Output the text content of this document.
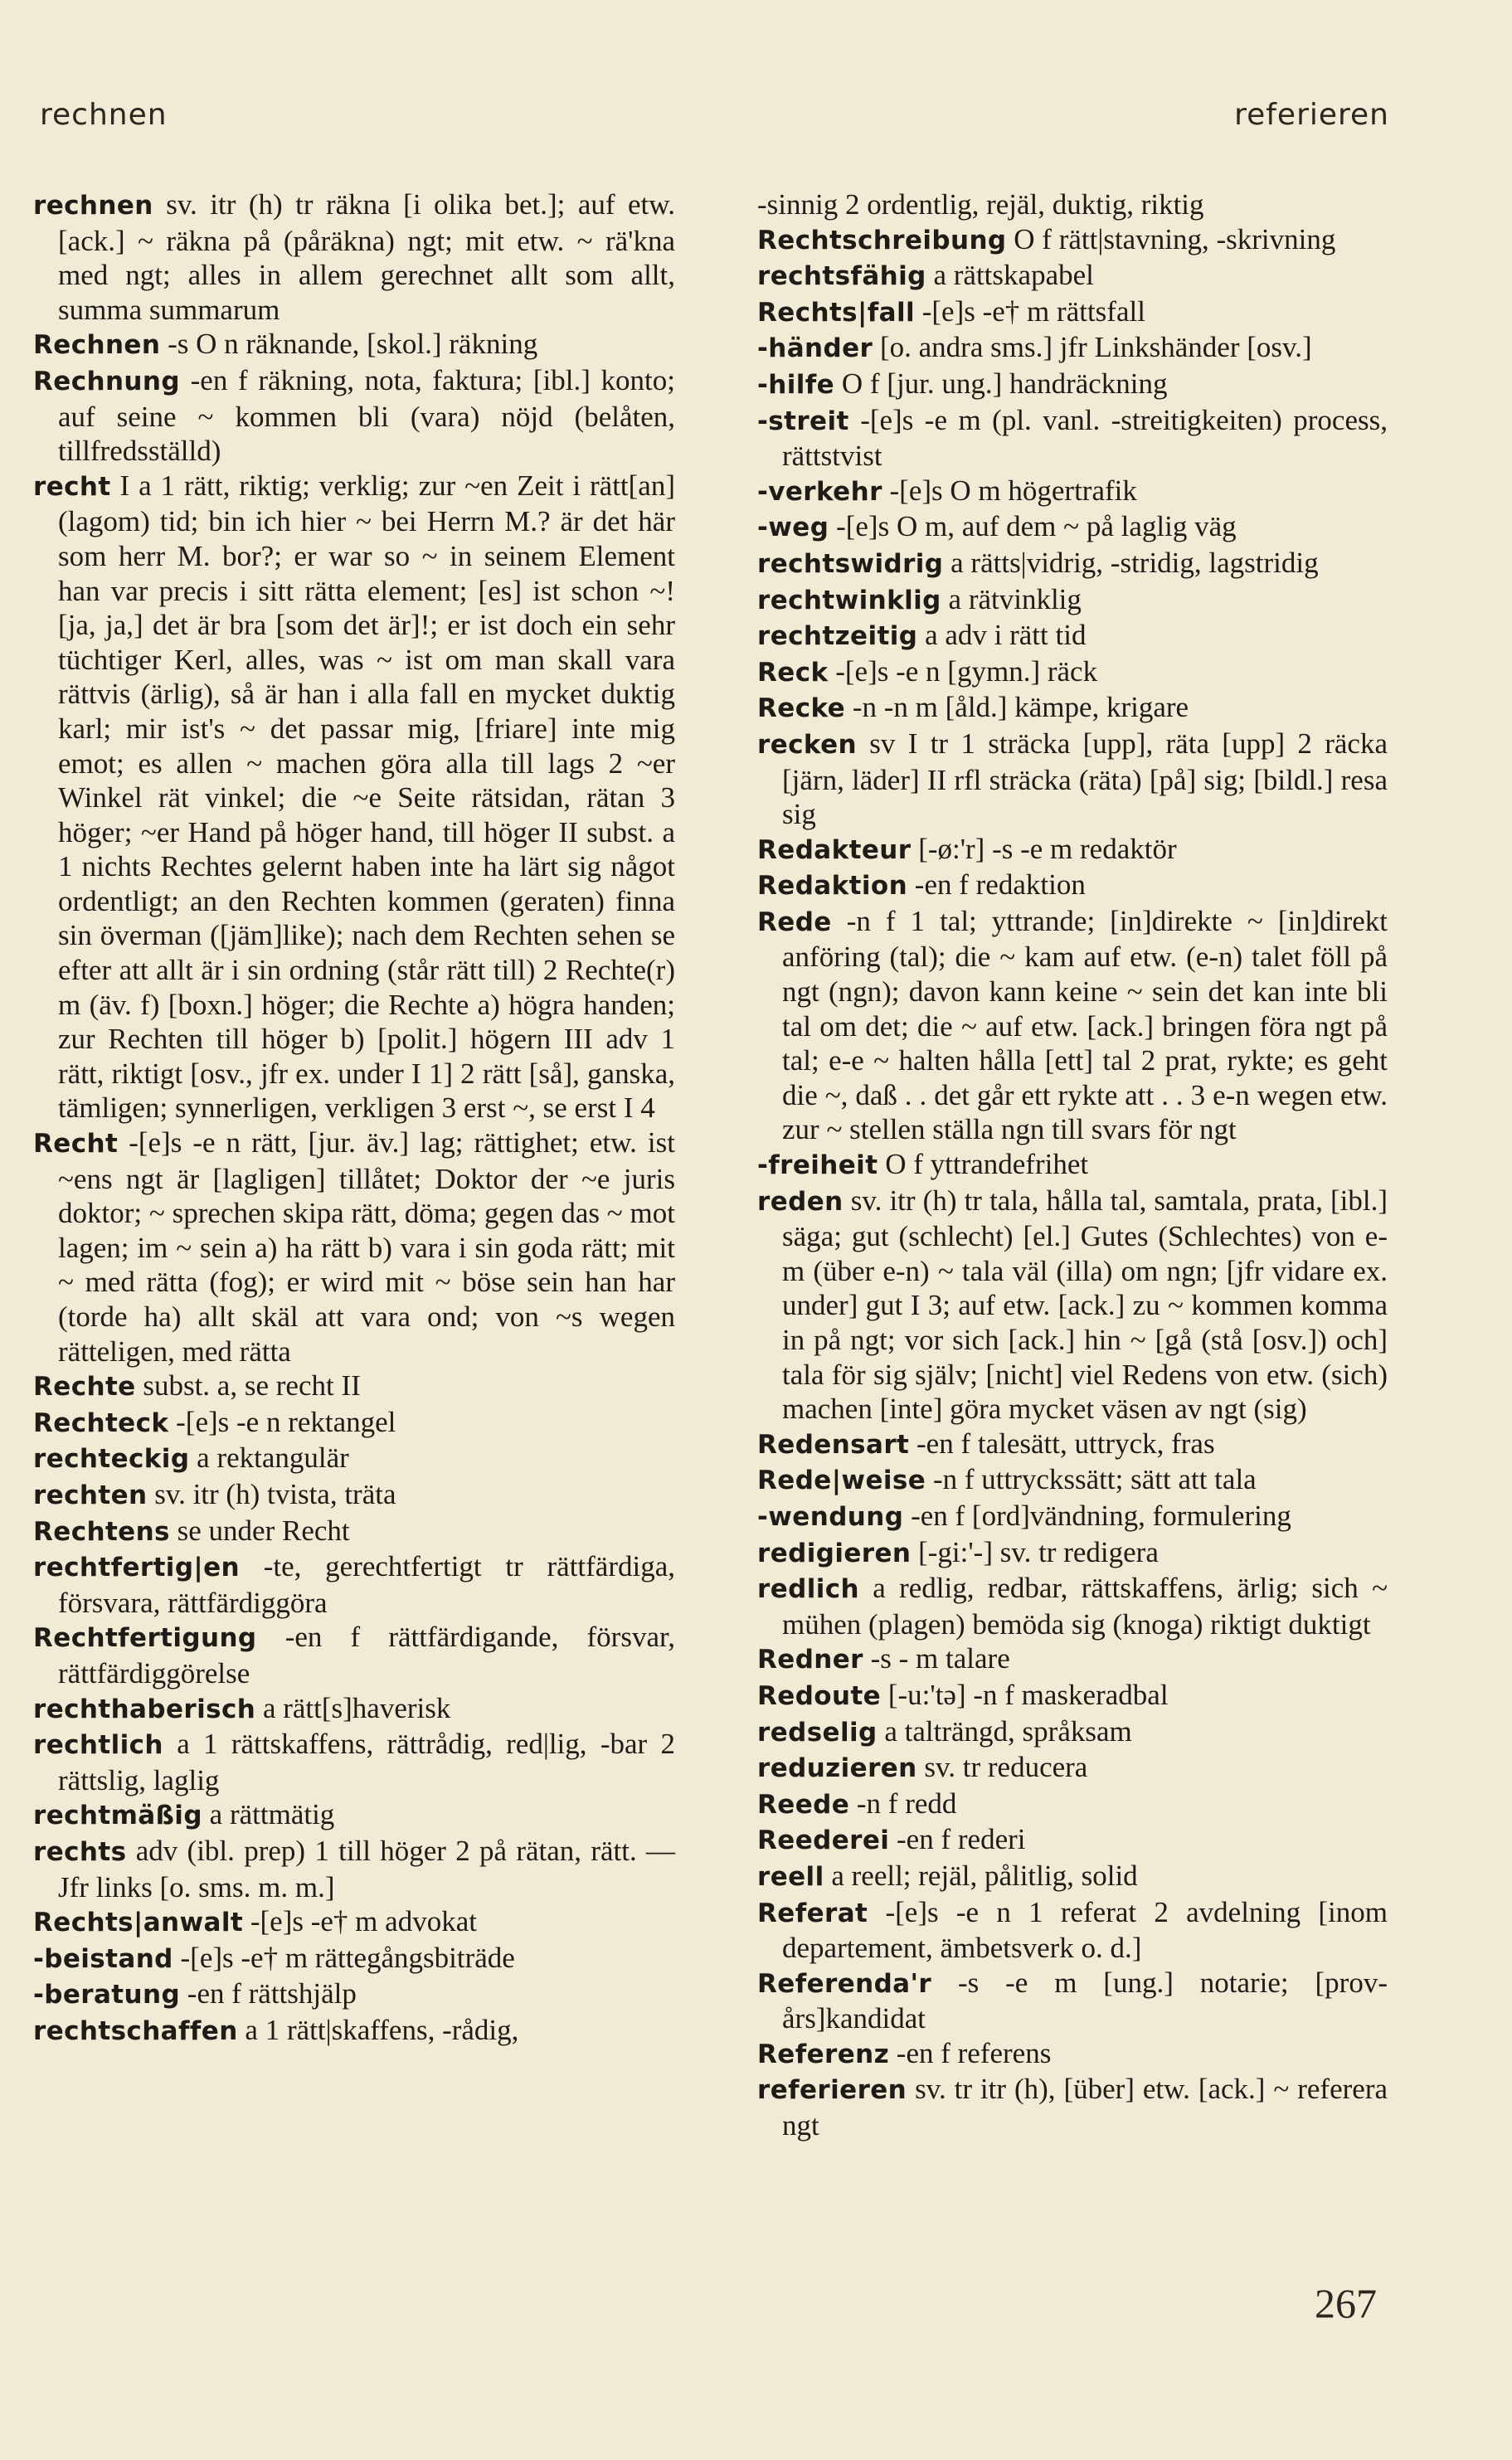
rechnen	referieren

rechnen sv. itr (h) tr räkna [i olika bet.]; auf etw. [ack.] ~ räkna på (påräkna) ngt; mit etw. ~ rä'kna med ngt; alles in allem gerechnet allt som allt, summa summarum

Rechnen -s O n räknande, [skol.] räkning

Rechnung -en f räkning, nota, faktura; [ibl.] konto; auf seine ~ kommen bli (vara) nöjd (belåten, tillfredsställd)

recht I a 1 rätt, riktig; verklig; zur ~en Zeit i rätt[an] (lagom) tid; bin ich hier ~ bei Herrn M.? är det här som herr M. bor?; er war so ~ in seinem Element han var precis i sitt rätta element; [es] ist schon ~! [ja, ja,] det är bra [som det är]!; er ist doch ein sehr tüchtiger Kerl, alles, was ~ ist om man skall vara rättvis (ärlig), så är han i alla fall en mycket duktig karl; mir ist's ~ det passar mig, [friare] inte mig emot; es allen ~ machen göra alla till lags 2 ~er Winkel rät vinkel; die ~e Seite rätsidan, rätan 3 höger; ~er Hand på höger hand, till höger II subst. a 1 nichts Rechtes gelernt haben inte ha lärt sig något ordentligt; an den Rechten kommen (geraten) finna sin överman ([jäm]like); nach dem Rechten sehen se efter att allt är i sin ordning (står rätt till) 2 Rechte(r) m (äv. f) [boxn.] höger; die Rechte a) högra handen; zur Rechten till höger b) [polit.] högern III adv 1 rätt, riktigt [osv., jfr ex. under I 1] 2 rätt [så], ganska, tämligen; synnerligen, verkligen 3 erst ~, se erst I 4

Recht -[e]s -e n rätt, [jur. äv.] lag; rättighet; etw. ist ~ens ngt är [lagligen] tillåtet; Doktor der ~e juris doktor; ~ sprechen skipa rätt, döma; gegen das ~ mot lagen; im ~ sein a) ha rätt b) vara i sin goda rätt; mit ~ med rätta (fog); er wird mit ~ böse sein han har (torde ha) allt skäl att vara ond; von ~s wegen rätteligen, med rätta

Rechte subst. a, se recht II

Rechteck -[e]s -e n rektangel

rechteckig a rektangulär

rechten sv. itr (h) tvista, träta

Rechtens se under Recht

rechtfertig|en -te, gerechtfertigt tr rättfärdiga, försvara, rättfärdiggöra

Rechtfertigung -en f rättfärdigande, försvar, rättfärdiggörelse

rechthaberisch a rätt[s]haverisk

rechtlich a 1 rättskaffens, rättrådig, red|lig, -bar 2 rättslig, laglig

rechtmäßig a rättmätig

rechts adv (ibl. prep) 1 till höger 2 på rätan, rätt. — Jfr links [o. sms. m. m.]

Rechts|anwalt -[e]s -e† m advokat

-beistand -[e]s -e† m rättegångsbiträde

-beratung -en f rättshjälp

rechtschaffen a 1 rätt|skaffens, -rådig,

-sinnig 2 ordentlig, rejäl, duktig, riktig

Rechtschreibung O f rätt|stavning, -skrivning

rechtsfähig a rättskapabel

Rechts|fall -[e]s -e† m rättsfall

-händer [o. andra sms.] jfr Linkshänder [osv.]

-hilfe O f [jur. ung.] handräckning

-streit -[e]s -e m (pl. vanl. -streitigkeiten) process, rättstvist

-verkehr -[e]s O m högertrafik

-weg -[e]s O m, auf dem ~ på laglig väg

rechtswidrig a rätts|vidrig, -stridig, lagstridig

rechtwinklig a rätvinklig

rechtzeitig a adv i rätt tid

Reck -[e]s -e n [gymn.] räck

Recke -n -n m [åld.] kämpe, krigare

recken sv I tr 1 sträcka [upp], räta [upp] 2 räcka [järn, läder] II rfl sträcka (räta) [på] sig; [bildl.] resa sig

Redakteur [-ø:'r] -s -e m redaktör

Redaktion -en f redaktion

Rede -n f 1 tal; yttrande; [in]direkte ~ [in]direkt anföring (tal); die ~ kam auf etw. (e-n) talet föll på ngt (ngn); davon kann keine ~ sein det kan inte bli tal om det; die ~ auf etw. [ack.] bringen föra ngt på tal; e-e ~ halten hålla [ett] tal 2 prat, rykte; es geht die ~, daß . . det går ett rykte att . . 3 e-n wegen etw. zur ~ stellen ställa ngn till svars för ngt

-freiheit O f yttrandefrihet

reden sv. itr (h) tr tala, hålla tal, samtala, prata, [ibl.] säga; gut (schlecht) [el.] Gutes (Schlechtes) von e-m (über e-n) ~ tala väl (illa) om ngn; [jfr vidare ex. under] gut I 3; auf etw. [ack.] zu ~ kommen komma in på ngt; vor sich [ack.] hin ~ [gå (stå [osv.]) och] tala för sig själv; [nicht] viel Redens von etw. (sich) machen [inte] göra mycket väsen av ngt (sig)

Redensart -en f talesätt, uttryck, fras

Rede|weise -n f uttryckssätt; sätt att tala

-wendung -en f [ord]vändning, formulering

redigieren [-gi:'-] sv. tr redigera

redlich a redlig, redbar, rättskaffens, ärlig; sich ~ mühen (plagen) bemöda sig (knoga) riktigt duktigt

Redner -s - m talare

Redoute [-u:'tə] -n f maskeradbal

redselig a talträngd, språksam

reduzieren sv. tr reducera

Reede -n f redd

Reederei -en f rederi

reell a reell; rejäl, pålitlig, solid

Referat -[e]s -e n 1 referat 2 avdelning [inom departement, ämbetsverk o. d.]

Referenda'r -s -e m [ung.] notarie; [prov-års]kandidat

Referenz -en f referens

referieren sv. tr itr (h), [über] etw. [ack.] ~ referera ngt

267
